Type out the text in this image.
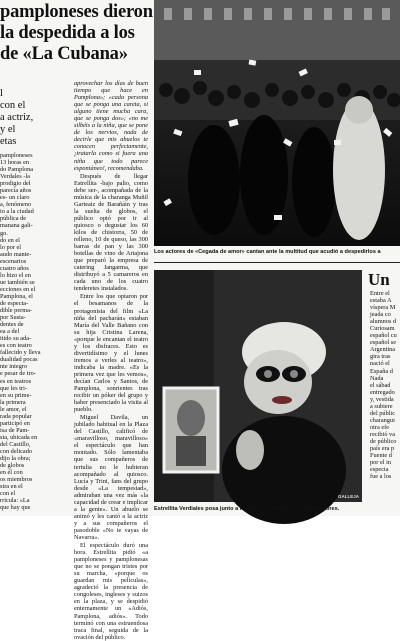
pamploneses dieron
la despedida a los
de «La Cubana»
l
con el
a actriz,
y el
etas
pamploneses
13 horas en
do Pamplona
Verdales -la
prodigio del
parecía años
es- un claro
a, fenómeno
io a la ciudad
pública de
manana gali-
go.
do en el
lo por el
audo mante-
escenarios
cuatro años
lo hizo el en
ue también se
ecciones en el
Pamplona, el
de especta-
dible perma-
por Susta-
dentes de
ea a del
itido su ada-
es con teatro
fallecido y lleva
dualidad pocas
nte integro
e pesar de tro-
es en teatros
que les tri-
en su prime-
la primera
le amor, el
rada popular
participó en
isa de Pam-
sta, ubicada en
del Castillo,
con delicado
dijo la obra;
de globos
en él con
os miembros
stra en el
con el
rricula: «La
que hay que

aprovechar los días de buen tiempo que hace en Pamplona»; «cada persona que se ponga una careta, si alguno tiene mucha cara, que se ponga dos»; «no me silbéis a la niña, que se pone de los nervios, nada de decirle que mis abuelos te conocen perfectamente, ¡tratarla como si fuera una niña que todo parece espontáneo!, recomendaba.

Después de llegar Estrellita -bajo palio, como debe ser-, acompañada de la música de la charanga Muñil Garteaiz de Barañáin y tras la suelta de globos, el público optó por ir al quiosco o degustar los 60 kilos de chistorra, 50 de relleno, 10 de queso, las 300 barras de pan y las 300 botellas de vino de Artajona que preparó la empresa de catering Jangarma, que distribuyó a 5 camareros en cada uno de los cuatro tenderetes instalados.

Entre los que optaron por el besamanos de la protagonista del film «La niña del pacharán» estaban María del Valle Bañano con su hija Cristina Larena, «porque le encantan el teatro y los disfraces. Esto es divertidísimo y el lunes iremos a verles al teatro», indicaba la madre. «Es la primera vez que les vemos», decían Carlos y Santos, de Pamplona, sonrientes tras recibir un póker del grupo y haber presenciado la visita al pueblo.

Miguel Davila, un jubilado habitual en la Plaza del Castillo, calificó de «maravilloso, maravilloso» el espectáculo que han montado. Sólo lamentaba que sus compañeros de tertulia no le hubieran acompañado al quiosco. Lucía y Trini, fans del grupo desde «La tempestad», admiraban una vez más «la capacidad de crear e implicar a la gente». Un abuelo se animó y les cantó a la actriz y a sus compañeros el pasodoble «No te vayas de Navarra».

El espectáculo duró una hora. Estrellita pidió «a pamploneses y pamplonesas que no se pongan tristes por su marcha, «porque os guardan mis películas», agradeció la presencia de congoleses, ingleses y suizos en la plaza, y se despidió enternamente un «Adiós, Pamplona, adiós». Todo terminó con una estruendosa traca final, seguida de la ovación del público.

Los actores de «Cegada de amor» cantan ante la multitud que acudió a despedirlos a
GALLEJA
Estrellita Verdiales posa junto a la foto que besaron sus admiradores.
Un
Entre el
estaba A
víspera M
jeada co
alumnos d
Curiosam
español cu
español se
Argentina
gira tras
nació el
España d
Nada
el sábad
entregado
y, vestida
a subiere
del públic
charangui
otra efe
recibió va
de público
país era p
Fuente d
por el in
especta
fue a los
